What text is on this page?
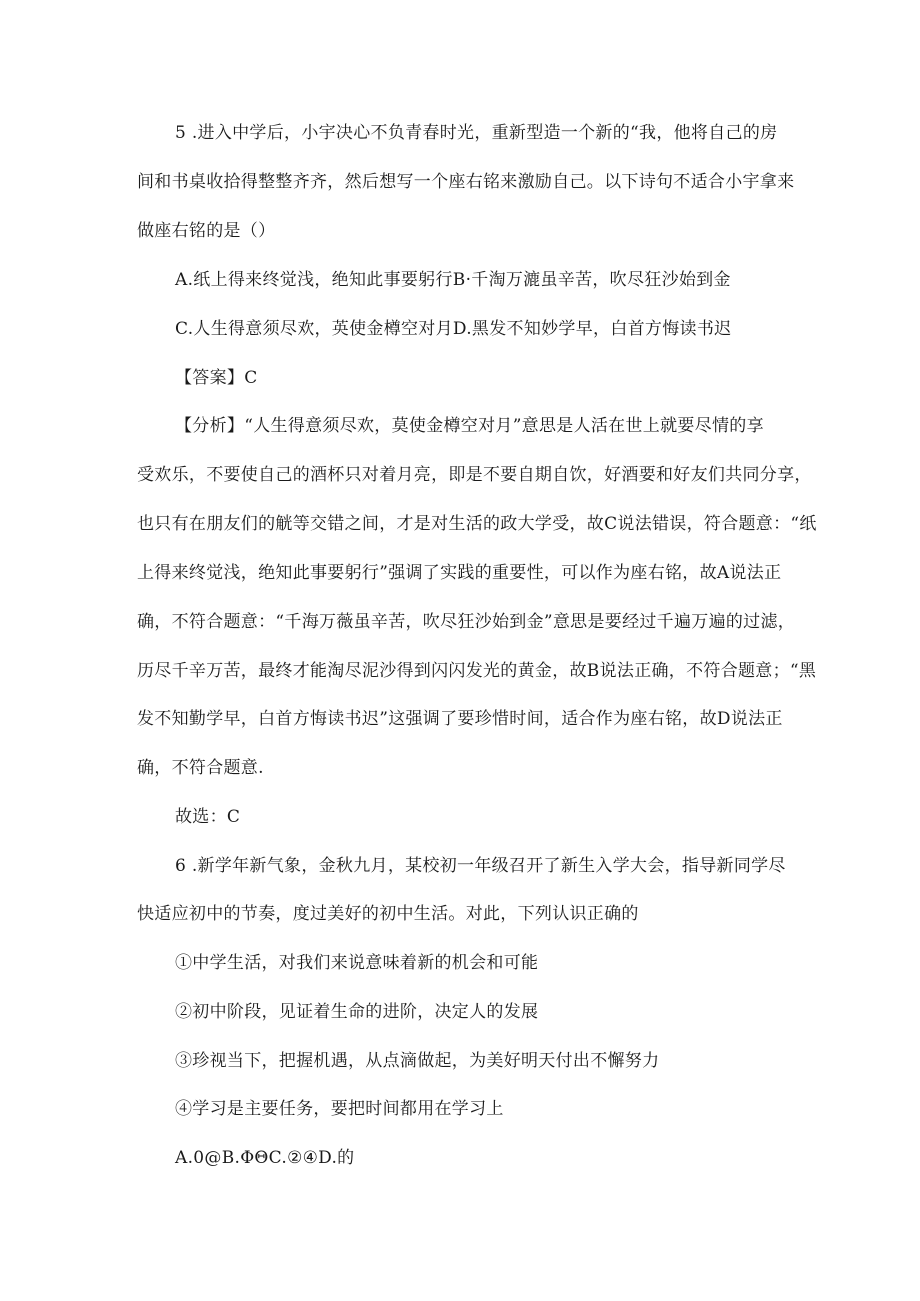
5 .进入中学后，小宇决心不负青春时光，重新型造一个新的“我，他将自己的房
间和书桌收拾得整整齐齐，然后想写一个座右铭来激励自己。以下诗句不适合小宇拿来
做座右铭的是（）
A.纸上得来终觉浅，绝知此事要躬行B·千淘万漉虽辛苦，吹尽狂沙始到金
C.人生得意须尽欢，英使金樽空对月D.黑发不知妙学早，白首方悔读书迟
【答案】C
【分析】“人生得意须尽欢，莫使金樽空对月”意思是人活在世上就要尽情的享
受欢乐，不要使自己的酒杯只对着月亮，即是不要自期自饮，好酒要和好友们共同分享，
也只有在朋友们的觥等交错之间，才是对生活的政大学受，故C说法错误，符合题意：“纸
上得来终觉浅，绝知此事要躬行”强调了实践的重要性，可以作为座右铭，故A说法正
确，不符合题意：“千海万薇虽辛苦，吹尽狂沙始到金”意思是要经过千遍万遍的过滤，
历尽千辛万苦，最终才能淘尽泥沙得到闪闪发光的黄金，故B说法正确，不符合题意；“黑
发不知勤学早，白首方悔读书迟”这强调了要珍惜时间，适合作为座右铭，故D说法正
确，不符合题意.
故选：C
6 .新学年新气象，金秋九月，某校初一年级召开了新生入学大会，指导新同学尽
快适应初中的节奏，度过美好的初中生活。对此，下列认识正确的
①中学生活，对我们来说意味着新的机会和可能
②初中阶段，见证着生命的进阶，决定人的发展
③珍视当下，把握机遇，从点滴做起，为美好明天付出不懈努力
④学习是主要任务，要把时间都用在学习上
A.0@B.ΦΘC.②④D.的
